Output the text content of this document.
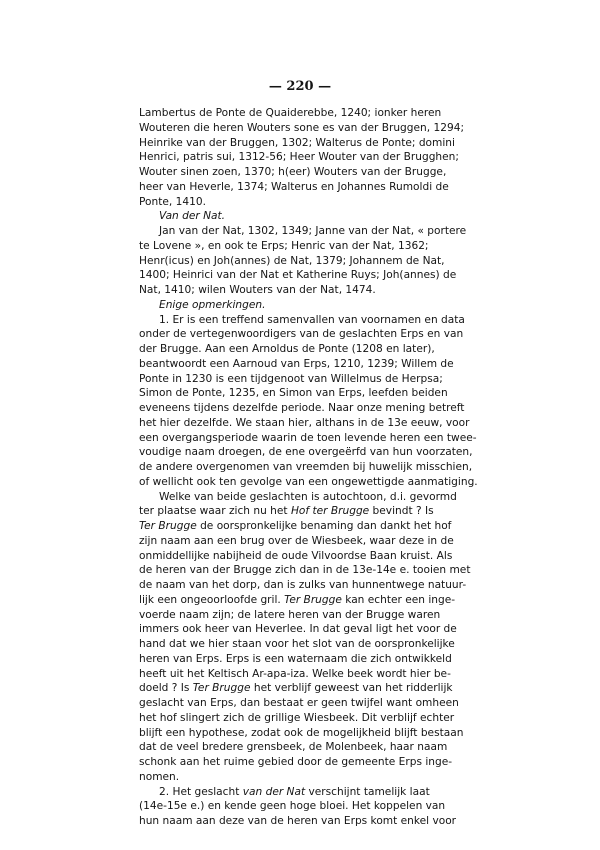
— 220 —
Lambertus de Ponte de Quaiderebbe, 1240; ionker heren
Wouteren die heren Wouters sone es van der Bruggen, 1294;
Heinrike van der Bruggen, 1302; Walterus de Ponte; domini
Henrici, patris sui, 1312-56; Heer Wouter van der Brugghen;
Wouter sinen zoen, 1370; h(eer) Wouters van der Brugge,
heer van Heverle, 1374; Walterus en Johannes Rumoldi de
Ponte, 1410.
Van der Nat.
Jan van der Nat, 1302, 1349; Janne van der Nat, « portere
te Lovene », en ook te Erps; Henric van der Nat, 1362;
Henr(icus) en Joh(annes) de Nat, 1379; Johannem de Nat,
1400; Heinrici van der Nat et Katherine Ruys; Joh(annes) de
Nat, 1410; wilen Wouters van der Nat, 1474.
Enige opmerkingen.
1. Er is een treffend samenvallen van voornamen en data
onder de vertegenwoordigers van de geslachten Erps en van
der Brugge. Aan een Arnoldus de Ponte (1208 en later),
beantwoordt een Aarnoud van Erps, 1210, 1239; Willem de
Ponte in 1230 is een tijdgenoot van Willelmus de Herpsa;
Simon de Ponte, 1235, en Simon van Erps, leefden beiden
eveneens tijdens dezelfde periode. Naar onze mening betreft
het hier dezelfde. We staan hier, althans in de 13e eeuw, voor
een overgangsperiode waarin de toen levende heren een twee-
voudige naam droegen, de ene overgeërfd van hun voorzaten,
de andere overgenomen van vreemden bij huwelijk misschien,
of wellicht ook ten gevolge van een ongewettigde aanmatiging.
Welke van beide geslachten is autochtoon, d.i. gevormd
ter plaatse waar zich nu het Hof ter Brugge bevindt ? Is
Ter Brugge de oorspronkelijke benaming dan dankt het hof
zijn naam aan een brug over de Wiesbeek, waar deze in de
onmiddellijke nabijheid de oude Vilvoordse Baan kruist. Als
de heren van der Brugge zich dan in de 13e-14e e. tooien met
de naam van het dorp, dan is zulks van hunnentwege natuur-
lijk een ongeoorloofde gril. Ter Brugge kan echter een inge-
voerde naam zijn; de latere heren van der Brugge waren
immers ook heer van Heverlee. In dat geval ligt het voor de
hand dat we hier staan voor het slot van de oorspronkelijke
heren van Erps. Erps is een waternaam die zich ontwikkeld
heeft uit het Keltisch Ar-apa-iza. Welke beek wordt hier be-
doeld ? Is Ter Brugge het verblijf geweest van het ridderlijk
geslacht van Erps, dan bestaat er geen twijfel want omheen
het hof slingert zich de grillige Wiesbeek. Dit verblijf echter
blijft een hypothese, zodat ook de mogelijkheid blijft bestaan
dat de veel bredere grensbeek, de Molenbeek, haar naam
schonk aan het ruime gebied door de gemeente Erps inge-
nomen.
2. Het geslacht van der Nat verschijnt tamelijk laat
(14e-15e e.) en kende geen hoge bloei. Het koppelen van
hun naam aan deze van de heren van Erps komt enkel voor
